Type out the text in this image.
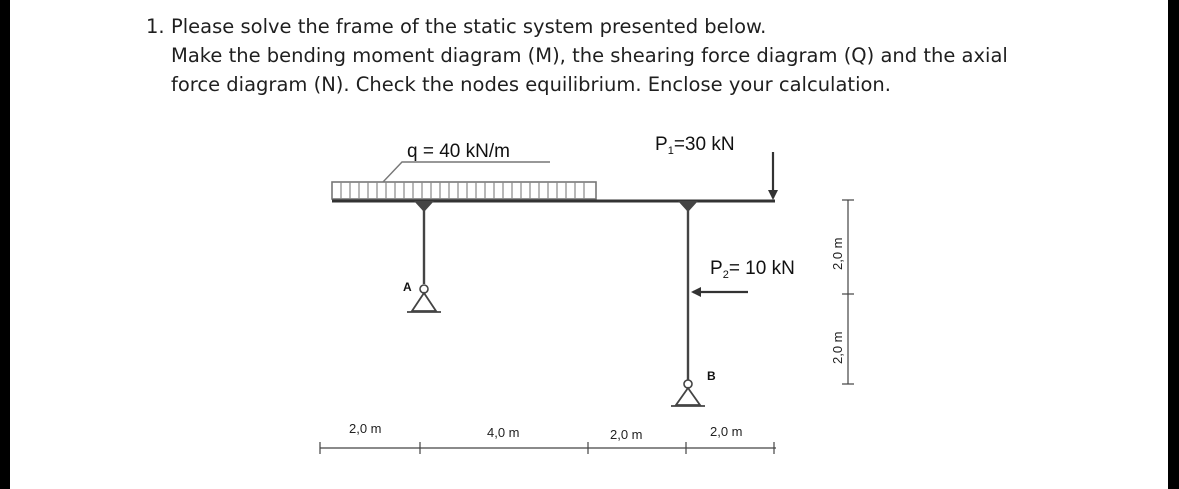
1. Please solve the frame of the static system presented below.
Make the bending moment diagram (M), the shearing force diagram (Q) and the axial
force diagram (N). Check the nodes equilibrium. Enclose your calculation.
q = 40 kN/m
A
B
$P_1=30$ kN
$P_2= 10$ kN
2,0 m	4,0 m	2,0 m	2,0 m
2,0 m
2,0 m
